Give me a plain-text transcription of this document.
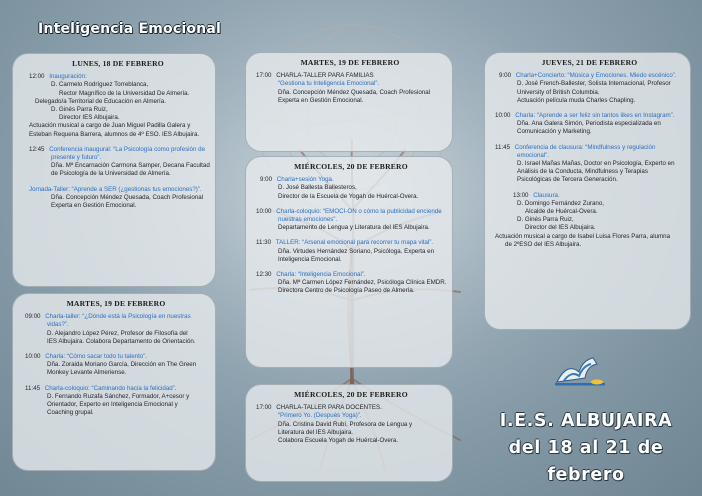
Inteligencia Emocional
LUNES, 18 DE FEBRERO
12:00 Inauguración:
D. Carmelo Rodríguez Torreblanca,
Rector Magnífico de la Universidad De Almería.
Delegado/a Territorial de Educación en Almería.
D. Ginés Parra Ruiz,
Director IES Albujaira.
Actuación musical a cargo de Juan Miguel Padilla Galera y
Esteban Requena Barrera, alumnos de 4º ESO. IES Albujaira.
12:45 Conferencia inaugural: “La Psicología como profesión de
presente y futuro”.
Dña. Mª Encarnación Carmona Samper, Decana Facultad
de Psicología de la Universidad de Almería.
Jornada-Taller: “Aprende a SER (¿gestionas tus emociones?)”.
Dña. Concepción Méndez Quesada, Coach Profesional
Experta en Gestión Emocional.
MARTES, 19 DE FEBRERO
17:00 CHARLA-TALLER PARA FAMILIAS
“Gestiona tu Inteligencia Emocional”.
Dña. Concepción Méndez Quesada, Coach Profesional
Experta en Gestión Emocional.
MARTES, 19 DE FEBRERO
09:00 Charla-taller: “¿Dónde está la Psicología en nuestras
vidas?”.
D. Alejandro López Pérez, Profesor de Filosofía del
IES Albujaira. Colabora Departamento de Orientación.
10:00 Charla: “Cómo sacar todo tu talento”.
Dña. Zoraida Moriano García, Dirección en The Green
Monkey Levante Almeriense.
11:45 Charla-coloquio: “Caminando hacia la felicidad”.
D. Fernando Ruzafa Sánchez, Formador, A+cesor y
Orientador, Experto en Inteligencia Emocional y
Coaching grupal.
MIÉRCOLES, 20 DE FEBRERO
9:00 Charla+sesión Yoga.
D. José Ballesta Ballesteros,
Director de la Escuela de Yogah de Huércal-Overa.
10:00 Charla-coloquio: “EMOCI-ON o cómo la publicidad enciende
nuestras emociones”.
Departamento de Lengua y Literatura del IES Albujaira.
11:30 TALLER: “Arsenal emocional para recorrer tu mapa vital”.
Dña. Virtudes Hernández Soriano, Psicóloga. Experta en
Inteligencia Emocional.
12:30 Charla: “Inteligencia Emocional”.
Dña. Mª Carmen López Fernández, Psicóloga Clínica EMDR.
Directora Centro de Psicología Paseo de Almería.
MIÉRCOLES, 20 DE FEBRERO
17:00 CHARLA-TALLER PARA DOCENTES.
“Primero Yo. (Después Yoga)”.
Dña. Cristina David Rubí, Profesora de Lengua y
Literatura del IES Albujaira.
Colabora Escuela Yogah de Huércal-Overa.
JUEVES, 21 DE FEBRERO
9:00 Charla+Concierto: “Música y Emociones. Miedo escénico”.
D. José French-Ballester, Solista Internacional, Profesor
University of British Columbia.
Actuación película muda Charles Chapling.
10:00 Charla: “Aprende a ser feliz sin tantos likes en Instagram”.
Dña. Ana Galera Simón, Periodista especializada en
Comunicación y Marketing.
11:45 Conferencia de clausura: “Mindfulness y regulación
emocional”.
D. Israel Mañas Mañas, Doctor en Psicología, Experto en
Análisis de la Conducta, Mindfulness y Terapias
Psicológicas de Tercera Generación.
13:00 Clausura.
D. Domingo Fernández Zurano,
Alcalde de Huércal-Overa.
D. Ginés Parra Ruiz,
Director del IES Albujaira.
Actuación musical a cargo de Isabel Luisa Flores Parra, alumna
de 2ºESO del IES Albujaira.
I.E.S. ALBUJAIRA
del 18 al 21 de febrero
